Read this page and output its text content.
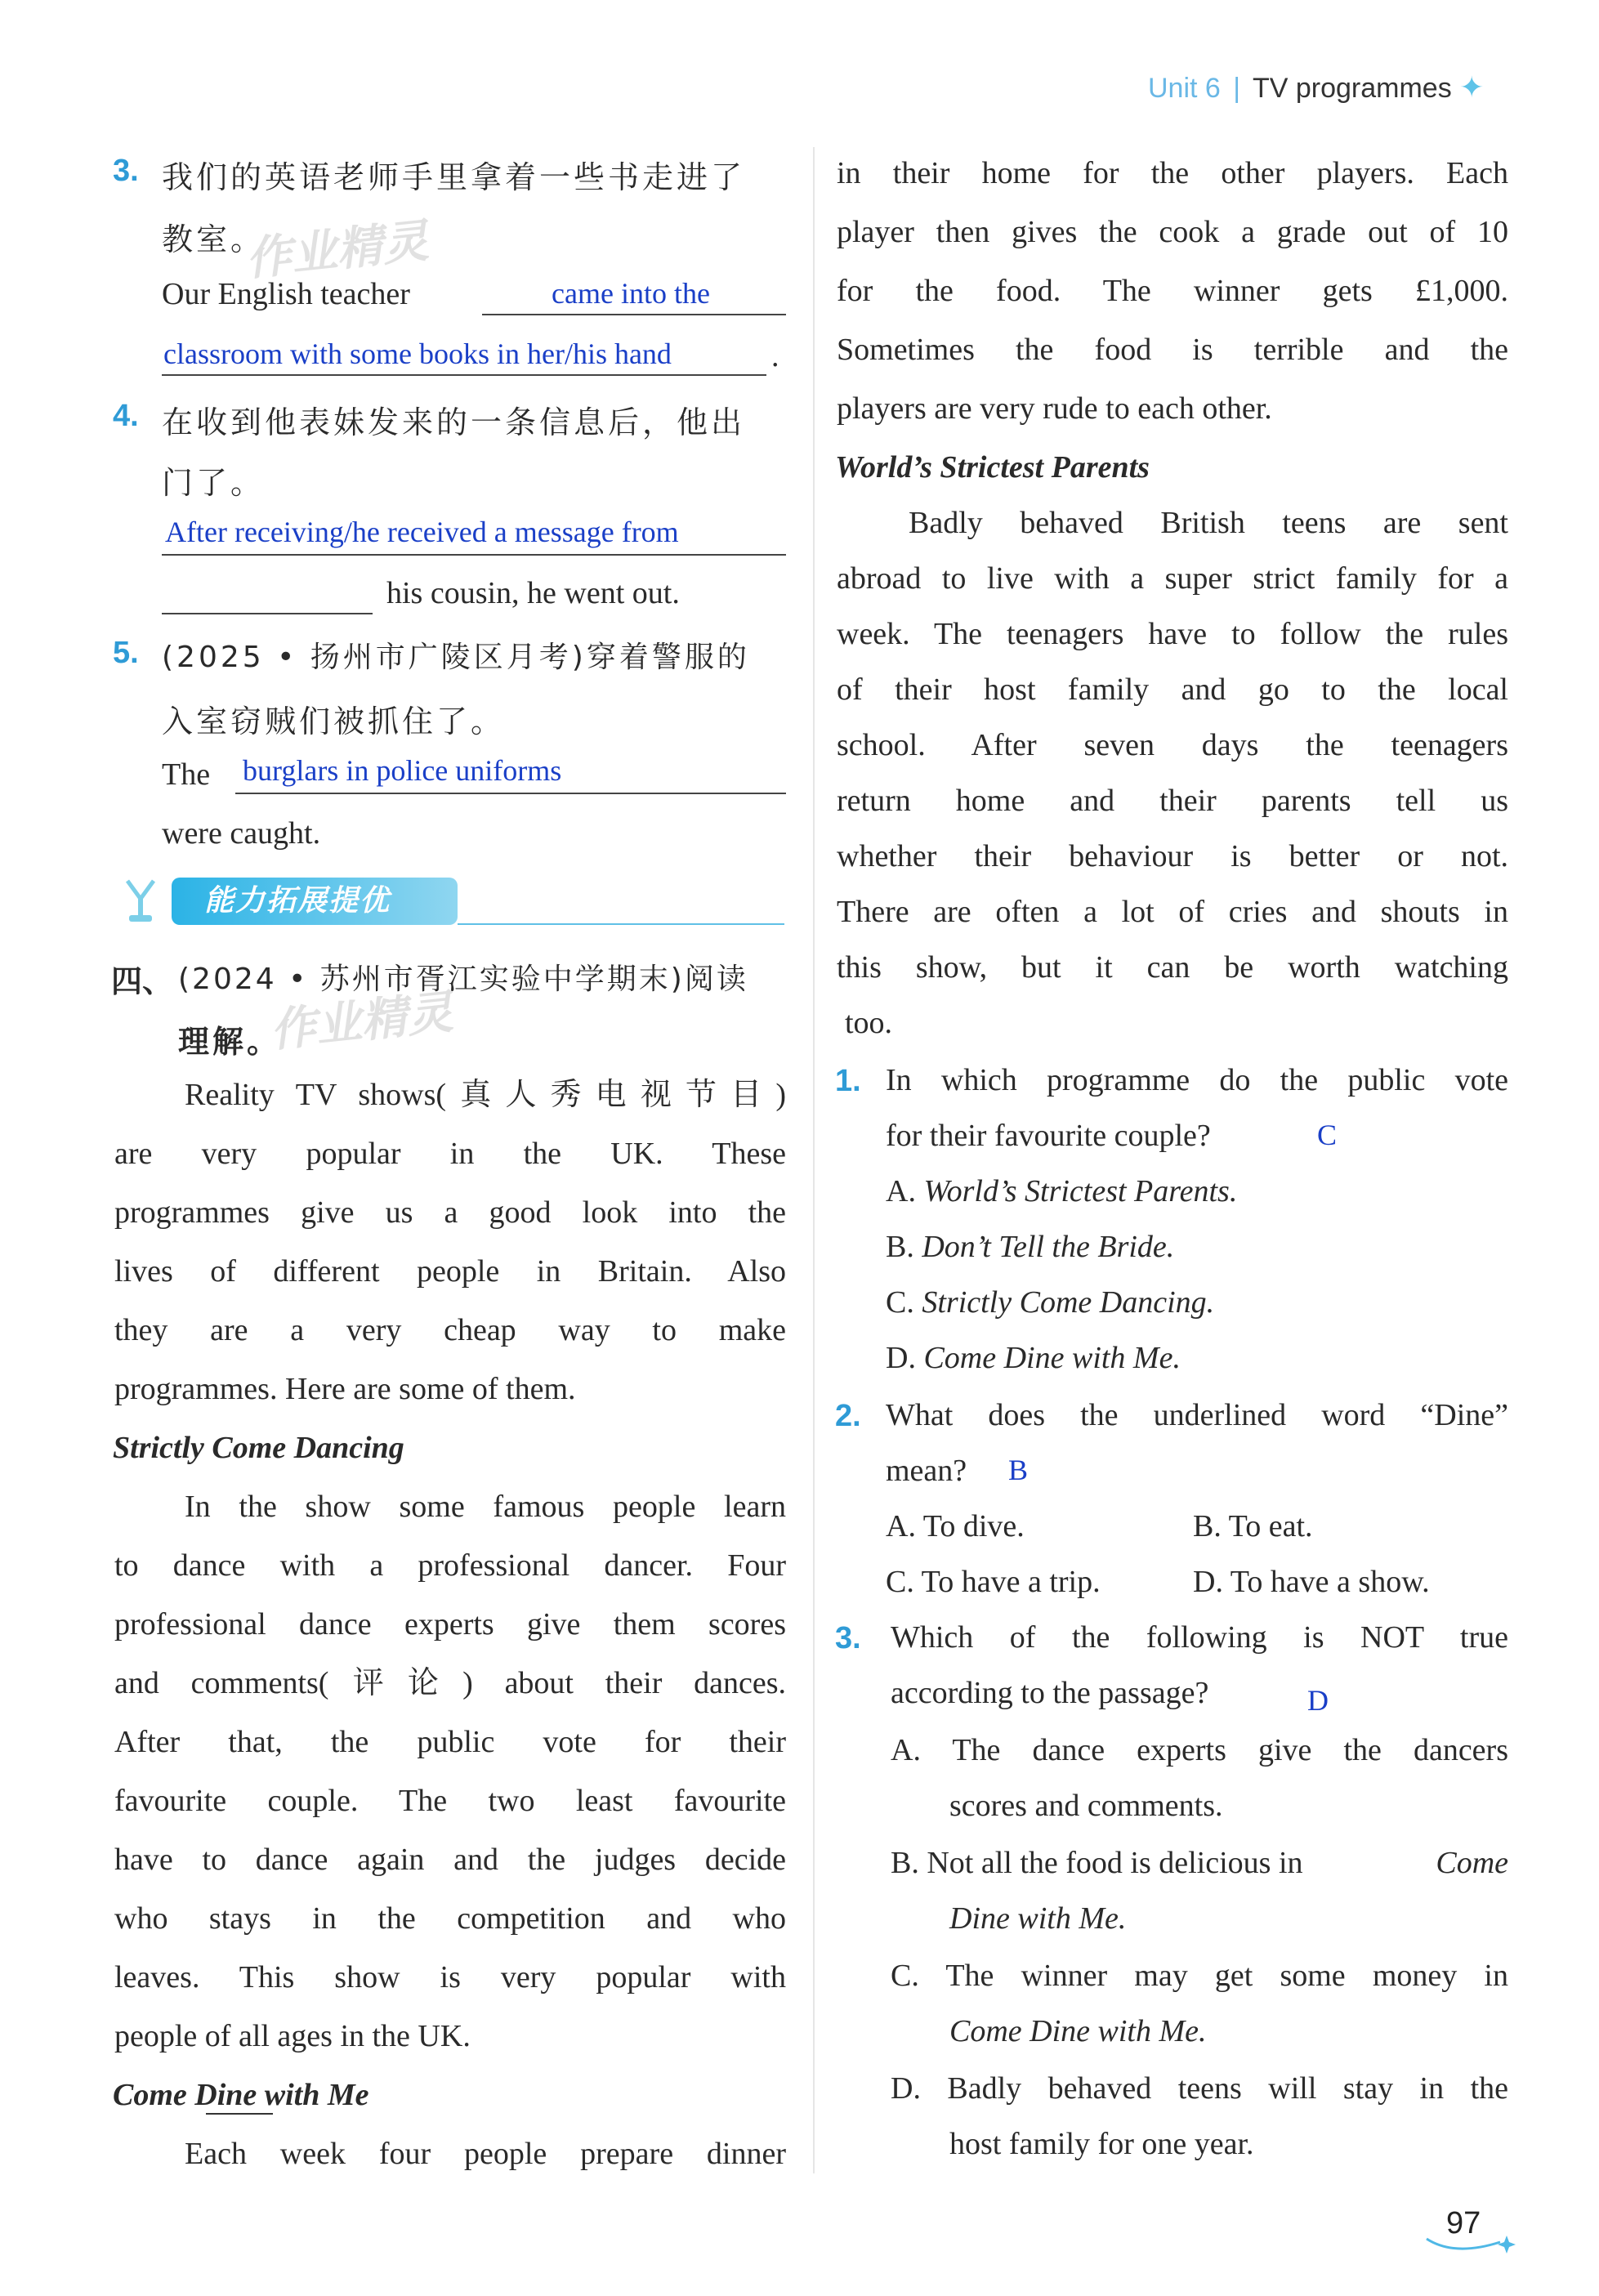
Unit 6 | TV programmes ✦
3. 我们的英语老师手里拿着一些书走进了
教室。
Our English teacher	came into the
classroom with some books in her/his hand	.
4. 在收到他表妹发来的一条信息后，他出
门了。
After receiving/he received a message from
his cousin, he went out.
5. (2025 • 扬州市广陵区月考)穿着警服的
入室窃贼们被抓住了。
The burglars in police uniforms
were caught.
能力拓展提优
四、 (2024 • 苏州市胥江实验中学期末)阅读
理解。
Reality TV shows(真人秀电视节目)
are very popular in the UK. These
programmes give us a good look into the
lives of different people in Britain. Also
they are a very cheap way to make
programmes. Here are some of them.
Strictly Come Dancing
In the show some famous people learn
to dance with a professional dancer. Four
professional dance experts give them scores
and comments(评论) about their dances.
After that, the public vote for their
favourite couple. The two least favourite
have to dance again and the judges decide
who stays in the competition and who
leaves. This show is very popular with
people of all ages in the UK.
Come Dine with Me
Each week four people prepare dinner
in their home for the other players. Each
player then gives the cook a grade out of 10
for the food. The winner gets £1,000.
Sometimes the food is terrible and the
players are very rude to each other.
World’s Strictest Parents
Badly behaved British teens are sent
abroad to live with a super strict family for a
week. The teenagers have to follow the rules
of their host family and go to the local
school. After seven days the teenagers
return home and their parents tell us
whether their behaviour is better or not.
There are often a lot of cries and shouts in
this show, but it can be worth watching
too.
1. In which programme do the public vote
for their favourite couple?	C
A. World’s Strictest Parents.
B. Don’t Tell the Bride.
C. Strictly Come Dancing.
D. Come Dine with Me.
2. What does the underlined word “Dine”
mean? B
A. To dive.	B. To eat.
C. To have a trip.	D. To have a show.
3. Which of the following is NOT true
according to the passage?	D
A. The dance experts give the dancers
scores and comments.
B. Not all the food is delicious in	Come
Dine with Me.
C. The winner may get some money in
Come Dine with Me.
D. Badly behaved teens will stay in the
host family for one year.
97
作业精灵
作业精灵
